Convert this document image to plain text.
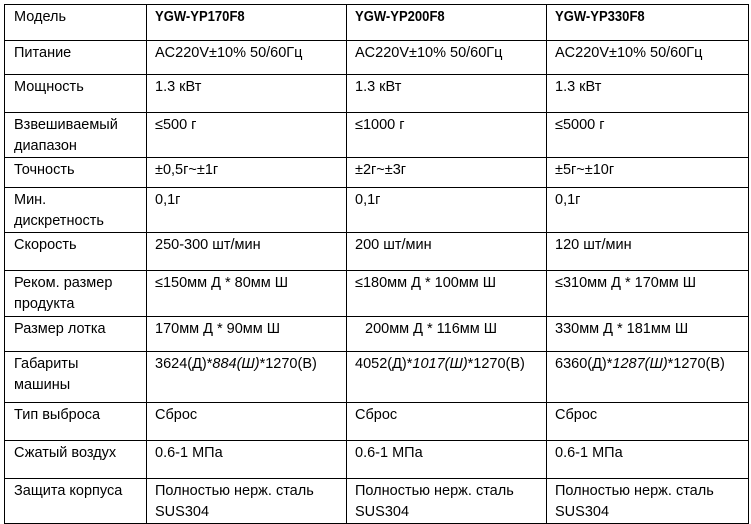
Модель	YGW-YP170F8	YGW-YP200F8	YGW-YP330F8
Питание	AC220V±10% 50/60Гц	AC220V±10% 50/60Гц	AC220V±10% 50/60Гц
Мощность	1.3 кВт	1.3 кВт	1.3 кВт
Взвешиваемый диапазон	≤500 г	≤1000 г	≤5000 г
Точность	±0,5г~±1г	±2г~±3г	±5г~±10г
Мин. дискретность	0,1г	0,1г	0,1г
Скорость	250-300 шт/мин	200 шт/мин	120 шт/мин
Реком. размер продукта	≤150мм Д * 80мм Ш	≤180мм Д * 100мм Ш	≤310мм Д * 170мм Ш
Размер лотка	170мм Д * 90мм Ш	200мм Д * 116мм Ш	330мм Д * 181мм Ш
Габариты машины	3624(Д)*884(Ш)*1270(В)	4052(Д)*1017(Ш)*1270(В)	6360(Д)*1287(Ш)*1270(В)
Тип выброса	Сброс	Сброс	Сброс
Сжатый воздух	0.6-1 МПа	0.6-1 МПа	0.6-1 МПа
Защита корпуса	Полностью нерж. сталь SUS304	Полностью нерж. сталь SUS304	Полностью нерж. сталь SUS304
